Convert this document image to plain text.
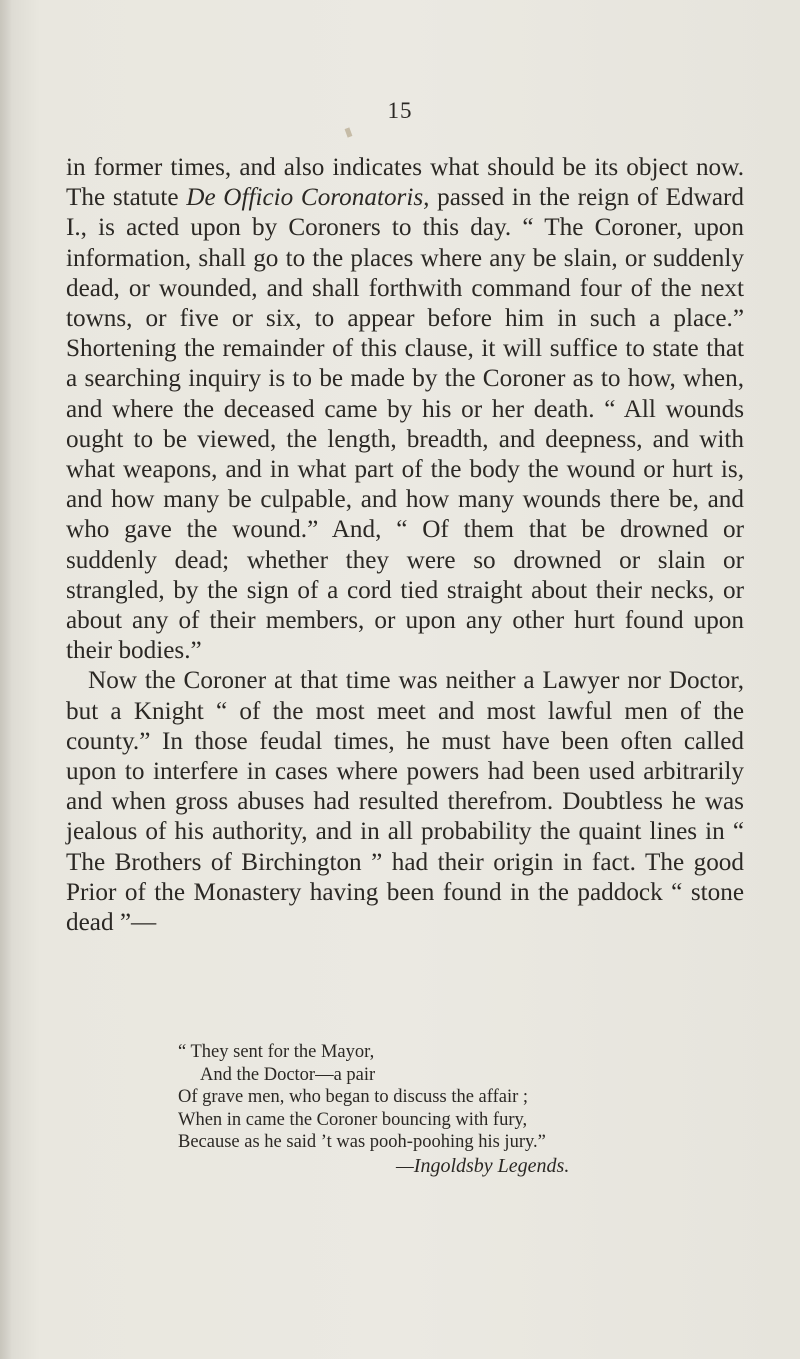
15

in former times, and also indicates what should be its object now. The statute De Officio Coronatoris, passed in the reign of Edward I., is acted upon by Coroners to this day. “ The Coroner, upon information, shall go to the places where any be slain, or suddenly dead, or wounded, and shall forthwith command four of the next towns, or five or six, to appear before him in such a place.” Shortening the remainder of this clause, it will suffice to state that a searching inquiry is to be made by the Coroner as to how, when, and where the deceased came by his or her death. “ All wounds ought to be viewed, the length, breadth, and deepness, and with what weapons, and in what part of the body the wound or hurt is, and how many be culpable, and how many wounds there be, and who gave the wound.” And, “ Of them that be drowned or suddenly dead; whether they were so drowned or slain or strangled, by the sign of a cord tied straight about their necks, or about any of their members, or upon any other hurt found upon their bodies.”

Now the Coroner at that time was neither a Lawyer nor Doctor, but a Knight “ of the most meet and most lawful men of the county.” In those feudal times, he must have been often called upon to interfere in cases where powers had been used arbitrarily and when gross abuses had resulted therefrom. Doubtless he was jealous of his authority, and in all probability the quaint lines in “ The Brothers of Birchington ” had their origin in fact. The good Prior of the Monastery having been found in the paddock “ stone dead ”—

“ They sent for the Mayor,
And the Doctor—a pair
Of grave men, who began to discuss the affair ;
When in came the Coroner bouncing with fury,
Because as he said ’t was pooh-poohing his jury.”
—Ingoldsby Legends.
